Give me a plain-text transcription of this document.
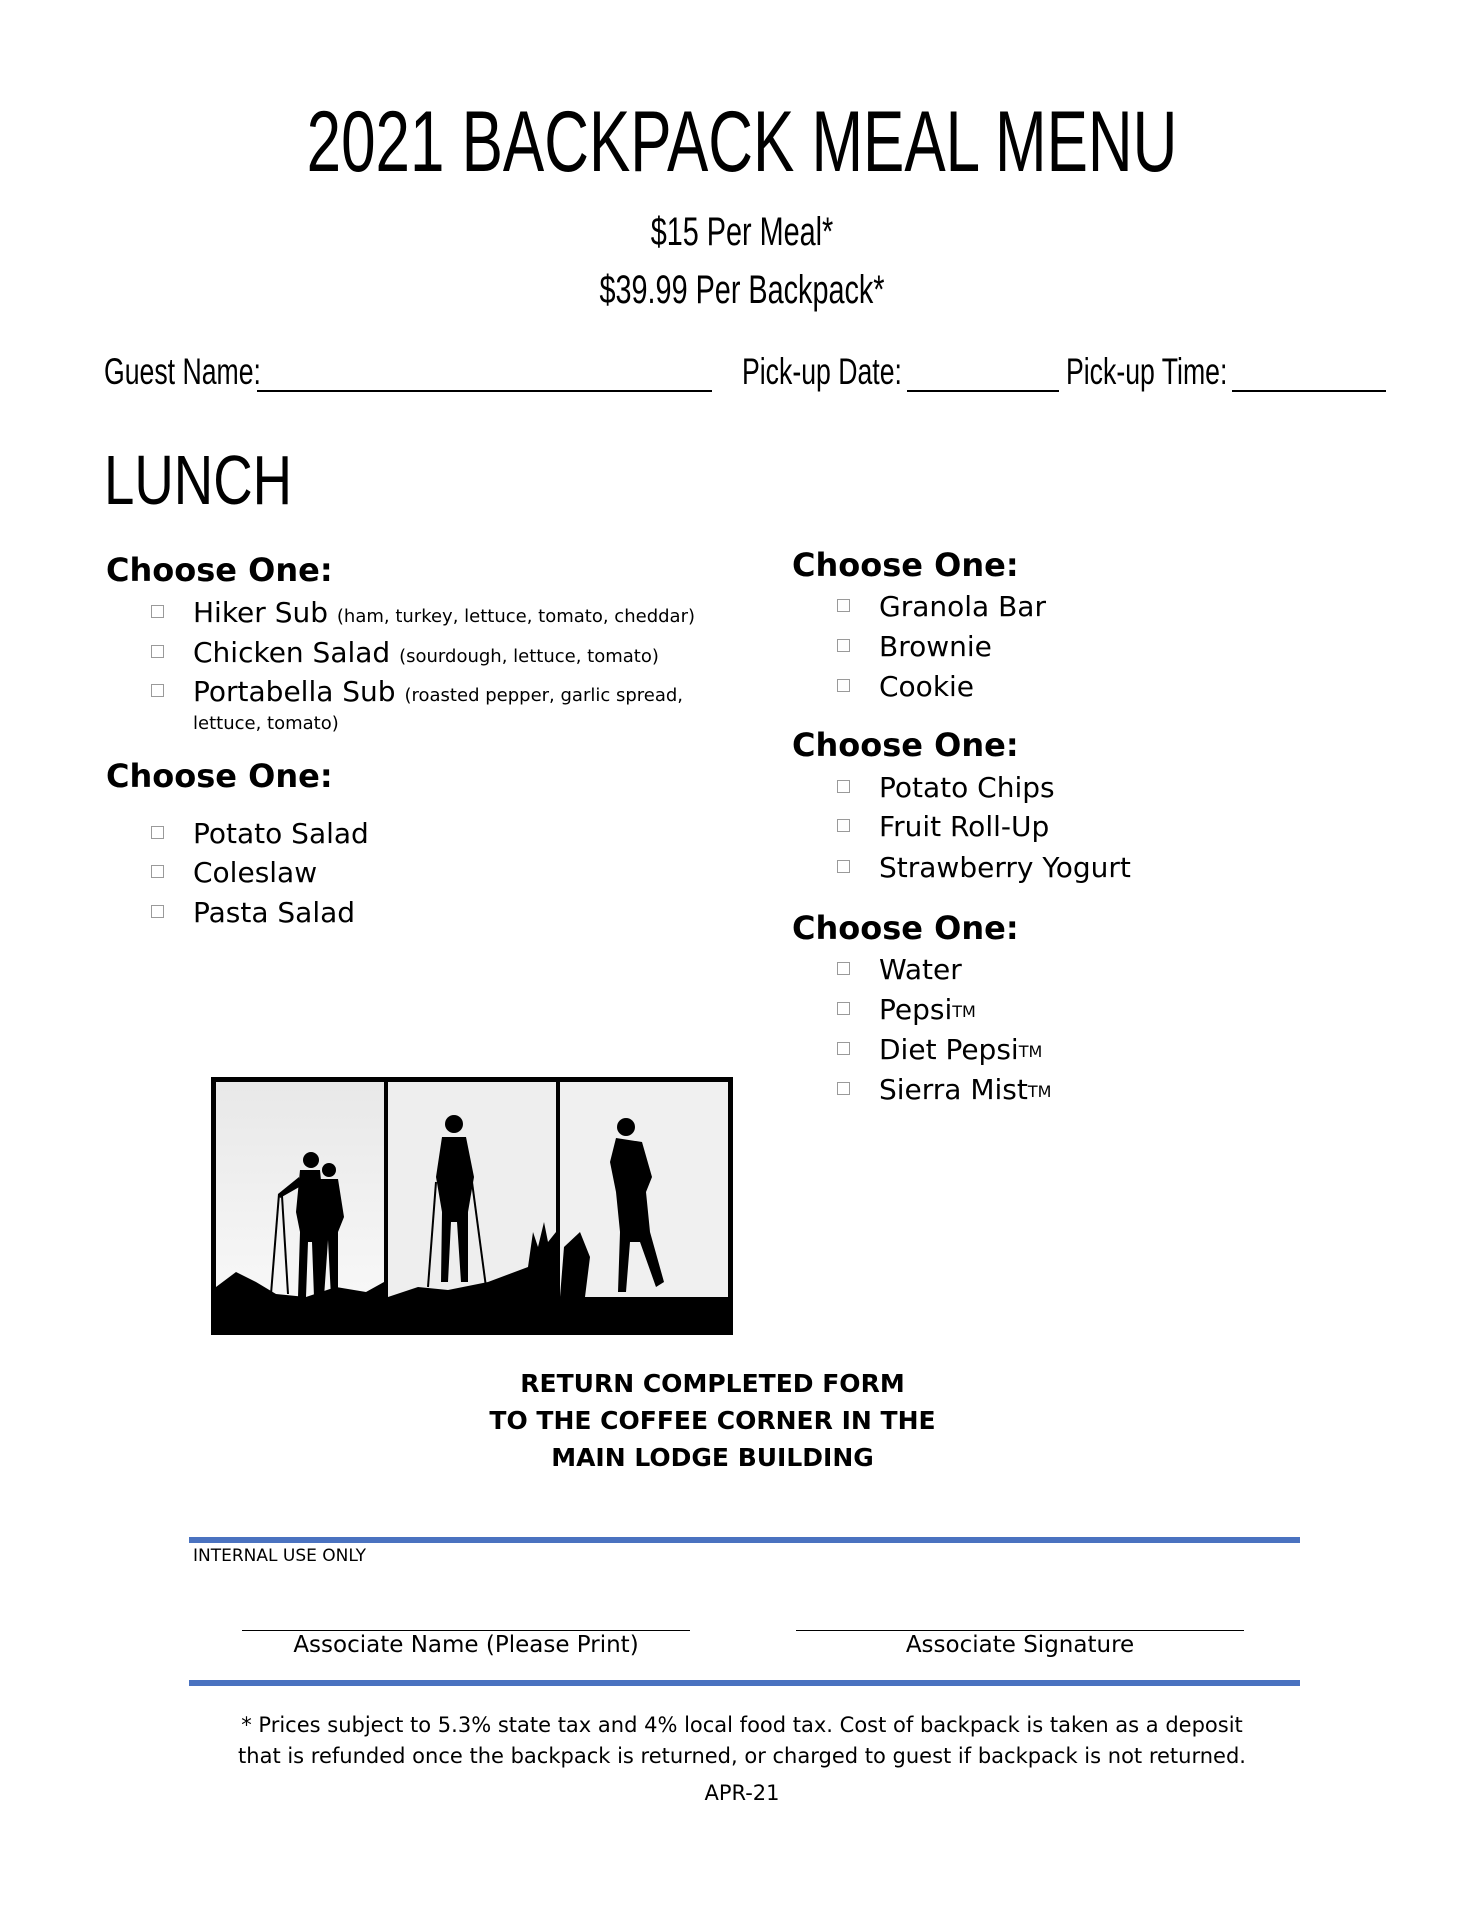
2021 BACKPACK MEAL MENU
$15 Per Meal*
$39.99 Per Backpack*
Guest Name:	Pick-up Date:	Pick-up Time:
LUNCH
Choose One:
Hiker Sub (ham, turkey, lettuce, tomato, cheddar)
Chicken Salad (sourdough, lettuce, tomato)
Portabella Sub (roasted pepper, garlic spread,
lettuce, tomato)
Choose One:
Potato Salad
Coleslaw
Pasta Salad
Choose One:
Granola Bar
Brownie
Cookie
Choose One:
Potato Chips
Fruit Roll-Up
Strawberry Yogurt
Choose One:
Water
PepsiTM
Diet PepsiTM
Sierra MistTM
RETURN COMPLETED FORM
TO THE COFFEE CORNER IN THE
MAIN LODGE BUILDING
INTERNAL USE ONLY
Associate Name (Please Print)	Associate Signature
* Prices subject to 5.3% state tax and 4% local food tax. Cost of backpack is taken as a deposit
that is refunded once the backpack is returned, or charged to guest if backpack is not returned.
APR-21
